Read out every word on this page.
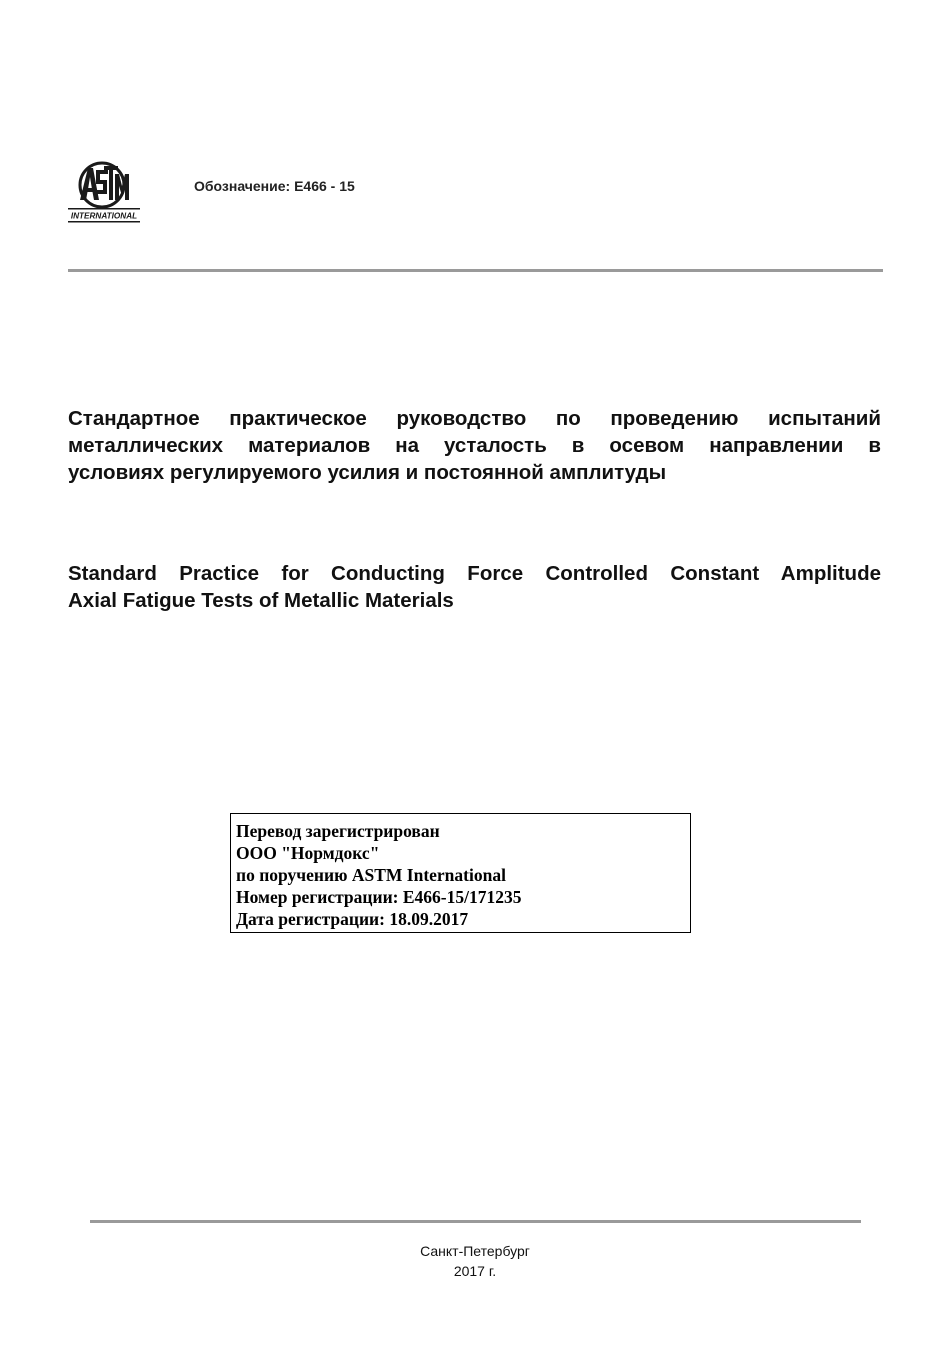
INTERNATIONAL
Обозначение: E466 - 15
Стандартное практическое руководство по проведению испытаний
металлических материалов на усталость в осевом направлении в
условиях регулируемого усилия и постоянной амплитуды
Standard Practice for Conducting Force Controlled Constant Amplitude
Axial Fatigue Tests of Metallic Materials
Перевод зарегистрирован
ООО "Нормдокс"
по поручению ASTM International
Номер регистрации: E466-15/171235
Дата регистрации: 18.09.2017
Санкт-Петербург
2017 г.
